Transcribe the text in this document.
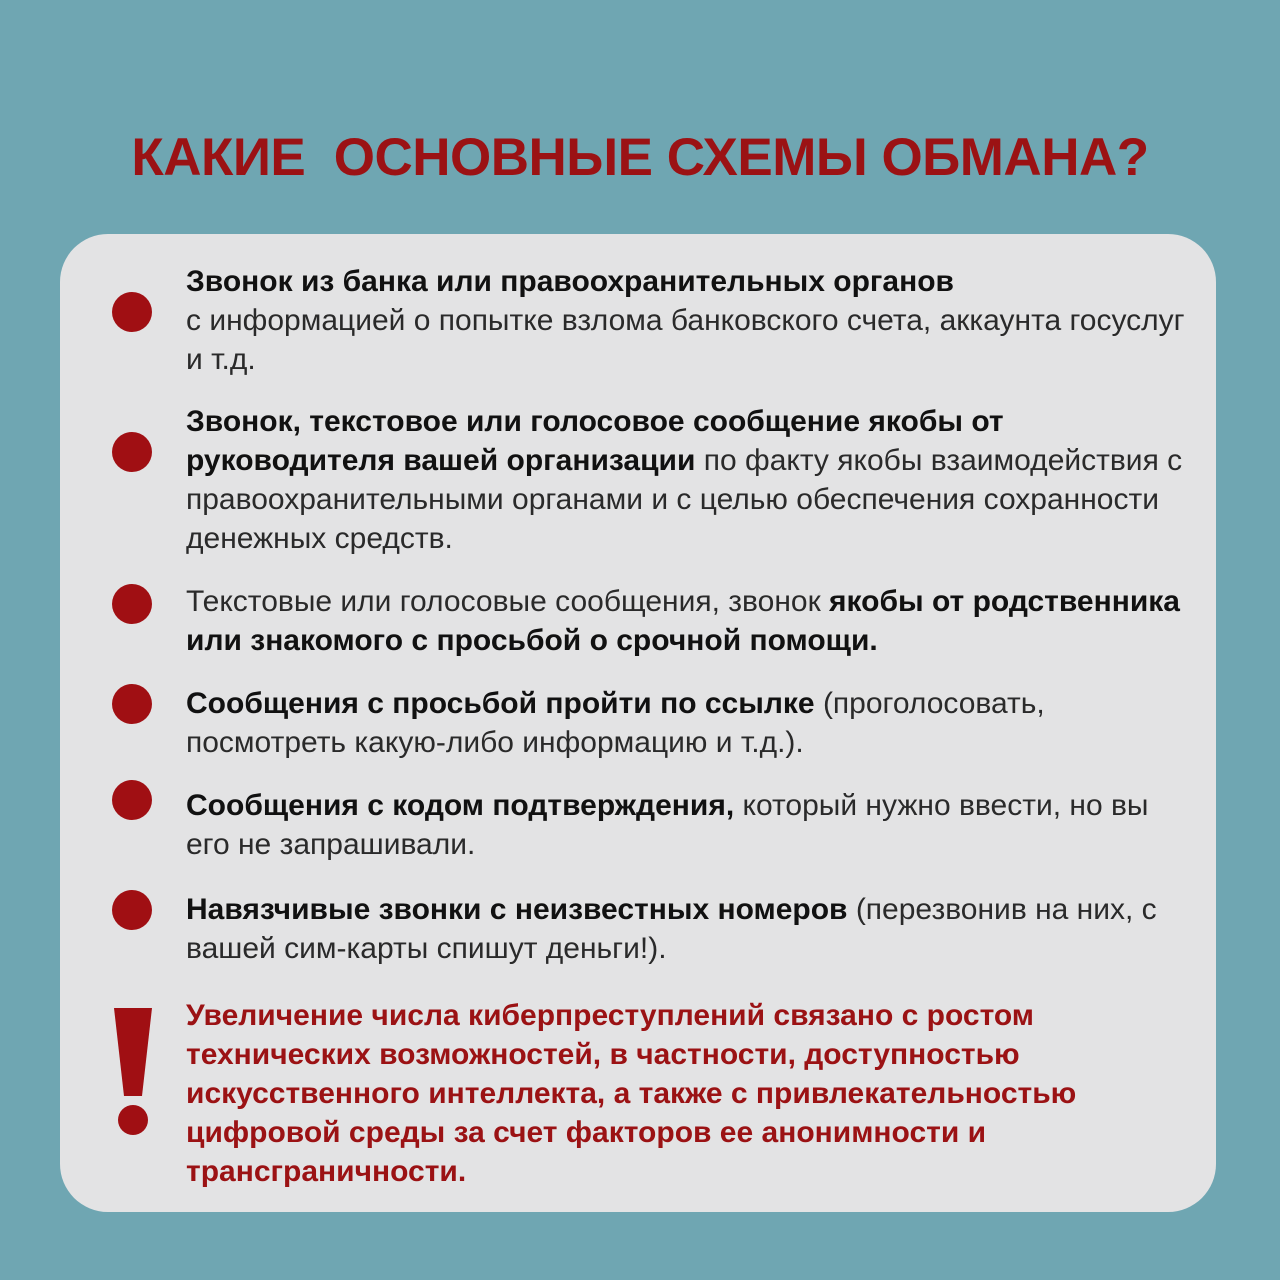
КАКИЕ  ОСНОВНЫЕ СХЕМЫ ОБМАНА?
Звонок из банка или правоохранительных органов
с информацией о попытке взлома банковского счета, аккаунта госуслуг и т.д.
Звонок, текстовое или голосовое сообщение якобы от руководителя вашей организации по факту якобы взаимодействия с правоохранительными органами и с целью обеспечения сохранности денежных средств.
Текстовые или голосовые сообщения, звонок якобы от родственника или знакомого с просьбой о срочной помощи.
Сообщения с просьбой пройти по ссылке (проголосовать, посмотреть какую-либо информацию и т.д.).
Сообщения с кодом подтверждения, который нужно ввести, но вы его не запрашивали.
Навязчивые звонки с неизвестных номеров (перезвонив на них, с вашей сим-карты спишут деньги!).
Увеличение числа киберпреступлений связано с ростом технических возможностей, в частности, доступностью искусственного интеллекта, а также с привлекательностью цифровой среды за счет факторов ее анонимности и трансграничности.
